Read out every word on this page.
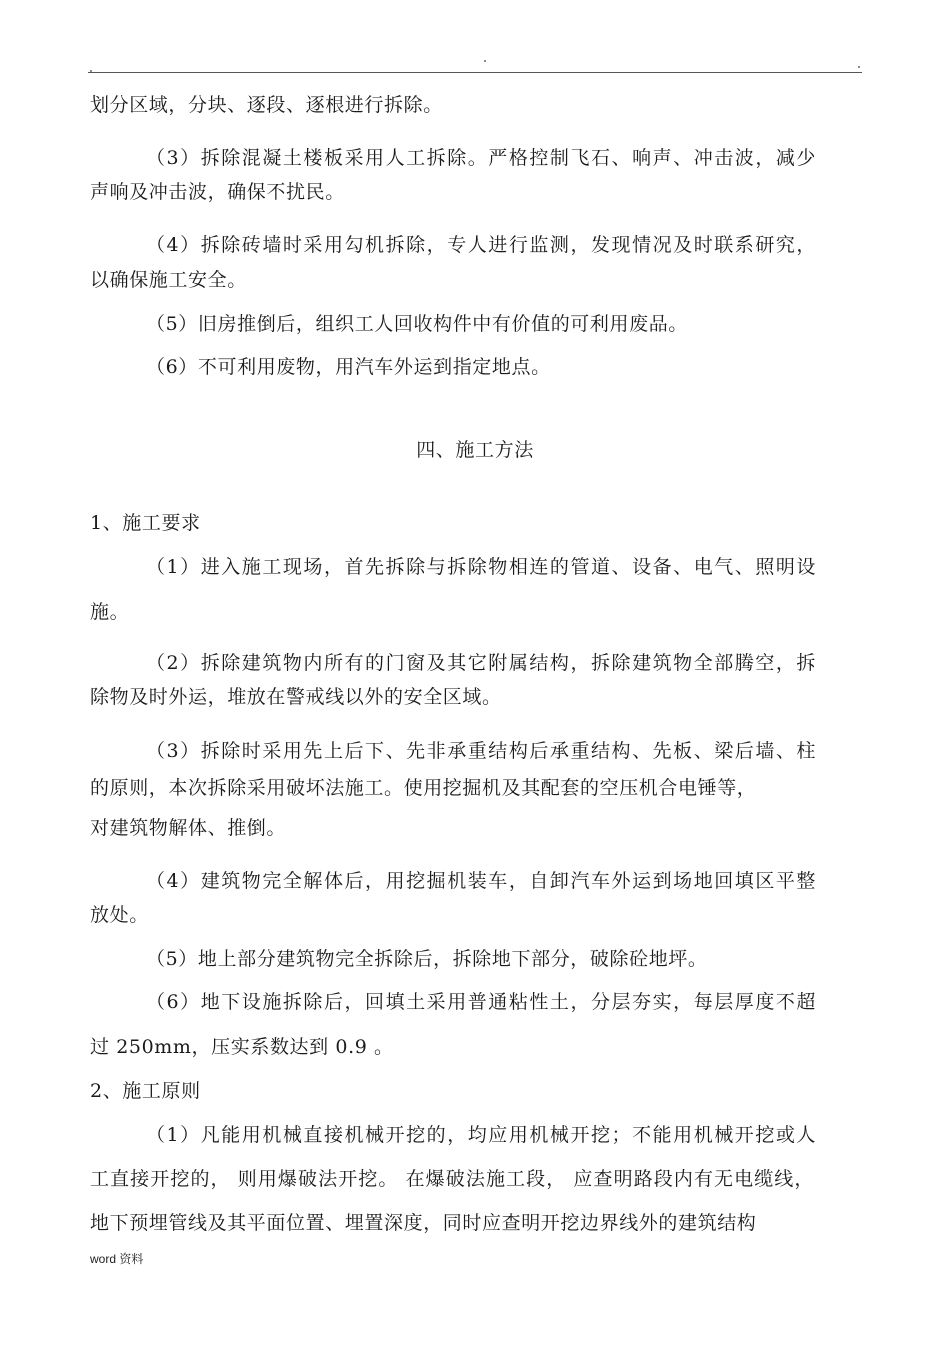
划分区域，分块、逐段、逐根进行拆除。
（3）拆除混凝土楼板采用人工拆除。严格控制飞石、响声、冲击波，减少
声响及冲击波，确保不扰民。
（4）拆除砖墙时采用勾机拆除，专人进行监测，发现情况及时联系研究，
以确保施工安全。
（5）旧房推倒后，组织工人回收构件中有价值的可利用废品。
（6）不可利用废物，用汽车外运到指定地点。
四、施工方法
1、施工要求
（1）进入施工现场，首先拆除与拆除物相连的管道、设备、电气、照明设
施。
（2）拆除建筑物内所有的门窗及其它附属结构，拆除建筑物全部腾空，拆
除物及时外运，堆放在警戒线以外的安全区域。
（3）拆除时采用先上后下、先非承重结构后承重结构、先板、梁后墙、柱
的原则，本次拆除采用破坏法施工。使用挖掘机及其配套的空压机合电锤等，
对建筑物解体、推倒。
（4）建筑物完全解体后，用挖掘机装车，自卸汽车外运到场地回填区平整
放处。
（5）地上部分建筑物完全拆除后，拆除地下部分，破除砼地坪。
（6）地下设施拆除后，回填土采用普通粘性土，分层夯实，每层厚度不超
过 250mm，压实系数达到 0.9 。
2、施工原则
（1）凡能用机械直接机械开挖的，均应用机械开挖；不能用机械开挖或人
工直接开挖的， 则用爆破法开挖。 在爆破法施工段， 应查明路段内有无电缆线，
地下预埋管线及其平面位置、埋置深度，同时应查明开挖边界线外的建筑结构
word 资料
